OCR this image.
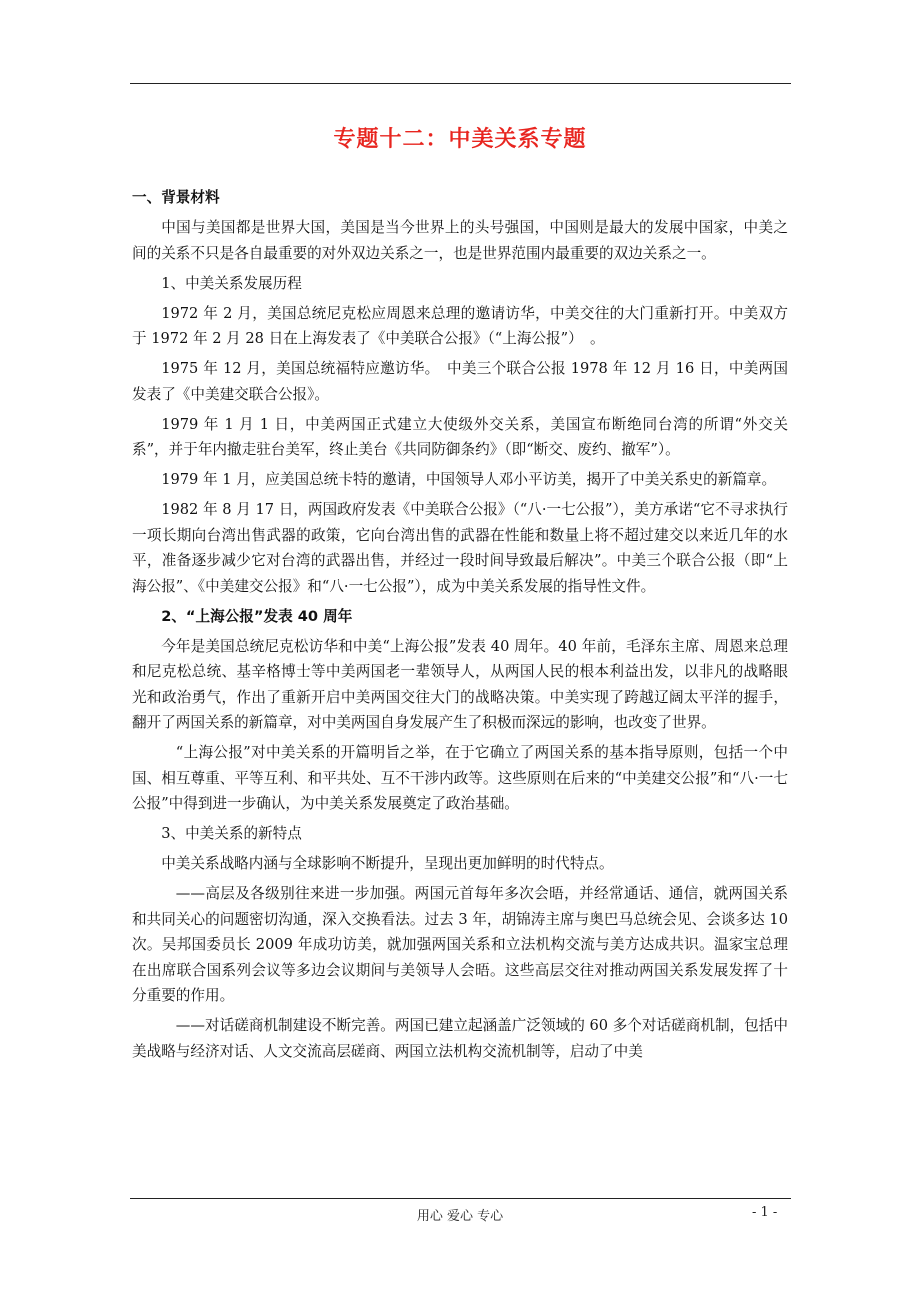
专题十二：中美关系专题
一、背景材料
中国与美国都是世界大国，美国是当今世界上的头号强国，中国则是最大的发展中国家，中美之间的关系不只是各自最重要的对外双边关系之一，也是世界范围内最重要的双边关系之一。
1、中美关系发展历程
1972 年 2 月，美国总统尼克松应周恩来总理的邀请访华，中美交往的大门重新打开。中美双方于 1972 年 2 月 28 日在上海发表了《中美联合公报》（“上海公报”）　。
1975 年 12 月，美国总统福特应邀访华。　中美三个联合公报 1978 年 12 月 16 日，中美两国发表了《中美建交联合公报》。
1979 年 1 月 1 日，中美两国正式建立大使级外交关系，美国宣布断绝同台湾的所谓“外交关系”，并于年内撤走驻台美军，终止美台《共同防御条约》（即“断交、废约、撤军”）。
1979 年 1 月，应美国总统卡特的邀请，中国领导人邓小平访美，揭开了中美关系史的新篇章。
1982 年 8 月 17 日，两国政府发表《中美联合公报》（“八·一七公报”），美方承诺“它不寻求执行一项长期向台湾出售武器的政策，它向台湾出售的武器在性能和数量上将不超过建交以来近几年的水平，准备逐步减少它对台湾的武器出售，并经过一段时间导致最后解决”。中美三个联合公报（即“上海公报”、《中美建交公报》和“八·一七公报”），成为中美关系发展的指导性文件。
2、“上海公报”发表 40 周年
今年是美国总统尼克松访华和中美“上海公报”发表 40 周年。40 年前，毛泽东主席、周恩来总理和尼克松总统、基辛格博士等中美两国老一辈领导人，从两国人民的根本利益出发，以非凡的战略眼光和政治勇气，作出了重新开启中美两国交往大门的战略决策。中美实现了跨越辽阔太平洋的握手，翻开了两国关系的新篇章，对中美两国自身发展产生了积极而深远的影响，也改变了世界。
“上海公报”对中美关系的开篇明旨之举，在于它确立了两国关系的基本指导原则，包括一个中国、相互尊重、平等互利、和平共处、互不干涉内政等。这些原则在后来的“中美建交公报”和“八·一七公报”中得到进一步确认，为中美关系发展奠定了政治基础。
3、中美关系的新特点
中美关系战略内涵与全球影响不断提升，呈现出更加鲜明的时代特点。
——高层及各级别往来进一步加强。两国元首每年多次会晤，并经常通话、通信，就两国关系和共同关心的问题密切沟通，深入交换看法。过去 3 年，胡锦涛主席与奥巴马总统会见、会谈多达 10 次。吴邦国委员长 2009 年成功访美，就加强两国关系和立法机构交流与美方达成共识。温家宝总理在出席联合国系列会议等多边会议期间与美领导人会晤。这些高层交往对推动两国关系发展发挥了十分重要的作用。
——对话磋商机制建设不断完善。两国已建立起涵盖广泛领域的 60 多个对话磋商机制，包括中美战略与经济对话、人文交流高层磋商、两国立法机构交流机制等，启动了中美
用心 爱心 专心	- 1 -
